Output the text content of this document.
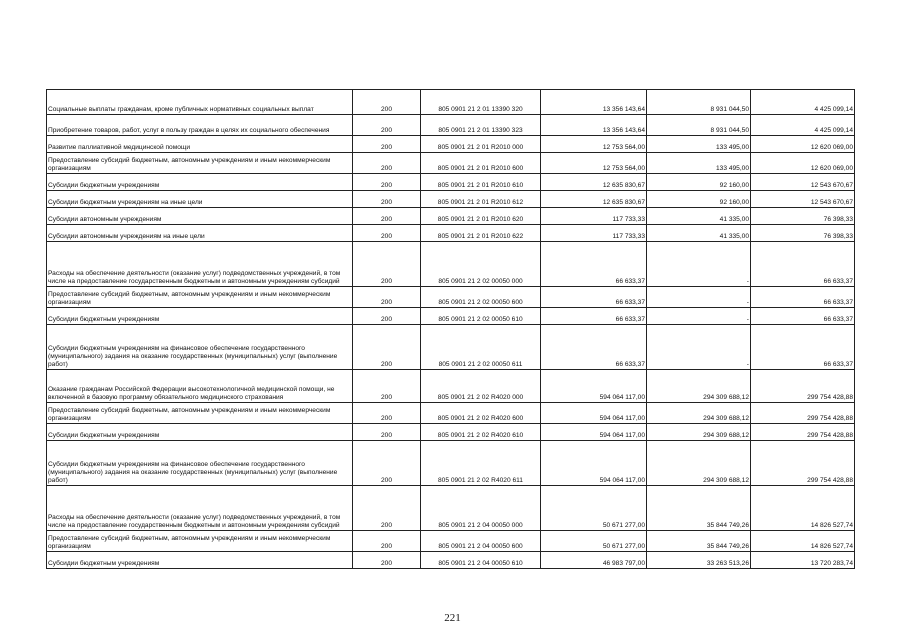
Социальные выплаты гражданам, кроме публичных нормативных социальных выплат	200	805 0901 21 2 01 13390 320	13 356 143,64	8 931 044,50	4 425 099,14
Приобретение товаров, работ, услуг в пользу граждан в целях их социального обеспечения	200	805 0901 21 2 01 13390 323	13 356 143,64	8 931 044,50	4 425 099,14
Развитие паллиативной медицинской помощи	200	805 0901 21 2 01 R2010 000	12 753 564,00	133 495,00	12 620 069,00
Предоставление субсидий бюджетным, автономным учреждениям и иным некоммерческим организациям	200	805 0901 21 2 01 R2010 600	12 753 564,00	133 495,00	12 620 069,00
Субсидии бюджетным учреждениям	200	805 0901 21 2 01 R2010 610	12 635 830,67	92 160,00	12 543 670,67
Субсидии бюджетным учреждениям на иные цели	200	805 0901 21 2 01 R2010 612	12 635 830,67	92 160,00	12 543 670,67
Субсидии автономным учреждениям	200	805 0901 21 2 01 R2010 620	117 733,33	41 335,00	76 398,33
Субсидии автономным учреждениям на иные цели	200	805 0901 21 2 01 R2010 622	117 733,33	41 335,00	76 398,33
Расходы на обеспечение деятельности (оказание услуг) подведомственных учреждений, в том числе на предоставление государственным бюджетным и автономным учреждениям субсидий	200	805 0901 21 2 02 00050 000	66 633,37	-	66 633,37
Предоставление субсидий бюджетным, автономным учреждениям и иным некоммерческим организациям	200	805 0901 21 2 02 00050 600	66 633,37	-	66 633,37
Субсидии бюджетным учреждениям	200	805 0901 21 2 02 00050 610	66 633,37	-	66 633,37
Субсидии бюджетным учреждениям на финансовое обеспечение государственного (муниципального) задания на оказание государственных (муниципальных) услуг (выполнение работ)	200	805 0901 21 2 02 00050 611	66 633,37	-	66 633,37
Оказание гражданам Российской Федерации высокотехнологичной медицинской помощи, не включенной в базовую программу обязательного медицинского страхования	200	805 0901 21 2 02 R4020 000	594 064 117,00	294 309 688,12	299 754 428,88
Предоставление субсидий бюджетным, автономным учреждениям и иным некоммерческим организациям	200	805 0901 21 2 02 R4020 600	594 064 117,00	294 309 688,12	299 754 428,88
Субсидии бюджетным учреждениям	200	805 0901 21 2 02 R4020 610	594 064 117,00	294 309 688,12	299 754 428,88
Субсидии бюджетным учреждениям на финансовое обеспечение государственного (муниципального) задания на оказание государственных (муниципальных) услуг (выполнение работ)	200	805 0901 21 2 02 R4020 611	594 064 117,00	294 309 688,12	299 754 428,88
Расходы на обеспечение деятельности (оказание услуг) подведомственных учреждений, в том числе на предоставление государственным бюджетным и автономным учреждениям субсидий	200	805 0901 21 2 04 00050 000	50 671 277,00	35 844 749,26	14 826 527,74
Предоставление субсидий бюджетным, автономным учреждениям и иным некоммерческим организациям	200	805 0901 21 2 04 00050 600	50 671 277,00	35 844 749,26	14 826 527,74
Субсидии бюджетным учреждениям	200	805 0901 21 2 04 00050 610	46 983 797,00	33 263 513,26	13 720 283,74
221
